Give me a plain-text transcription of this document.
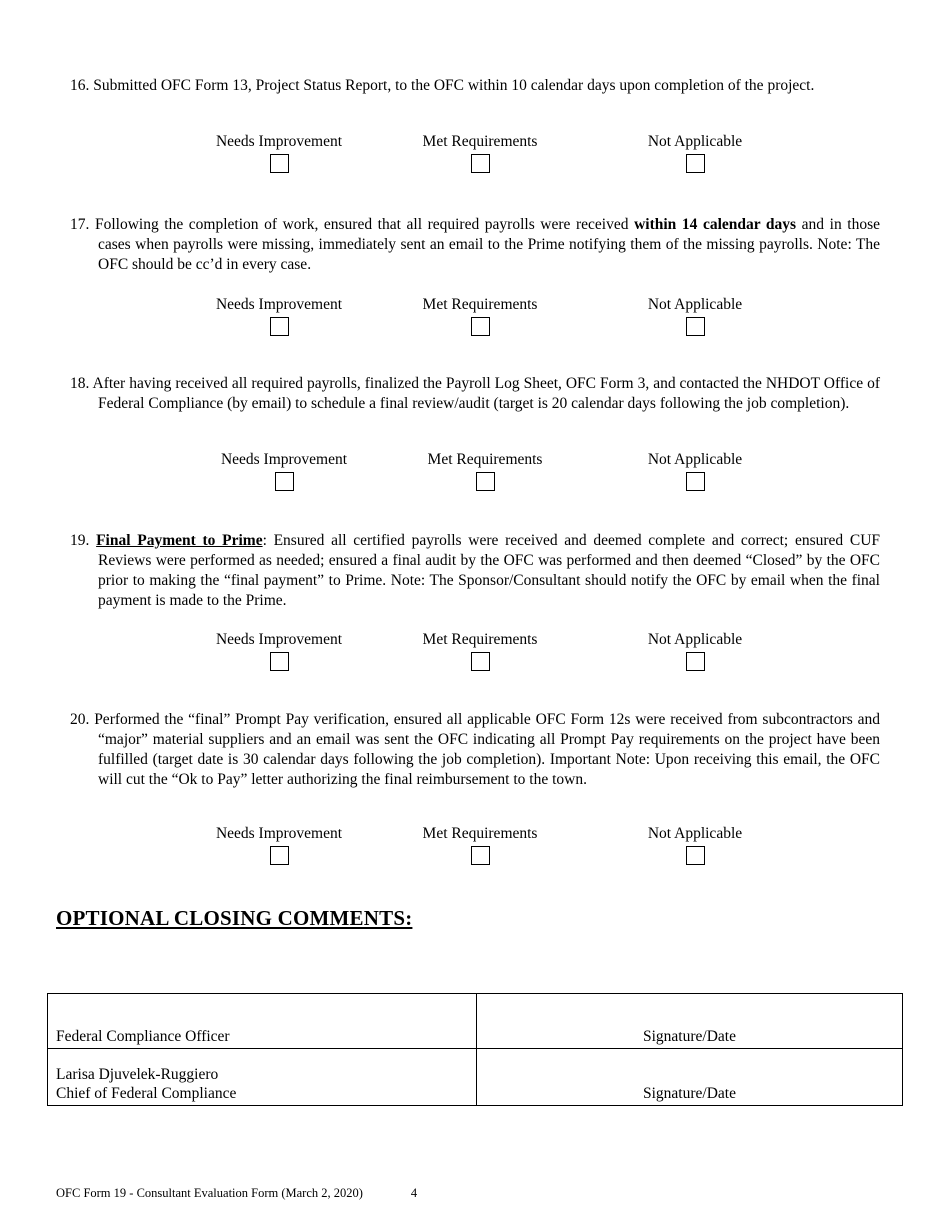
16. Submitted OFC Form 13, Project Status Report, to the OFC within 10 calendar days upon completion of the project.
Needs Improvement	Met Requirements	Not Applicable
17. Following the completion of work, ensured that all required payrolls were received within 14 calendar days and in those cases when payrolls were missing, immediately sent an email to the Prime notifying them of the missing payrolls. Note: The OFC should be cc’d in every case.
Needs Improvement	Met Requirements	Not Applicable
18. After having received all required payrolls, finalized the Payroll Log Sheet, OFC Form 3, and contacted the NHDOT Office of Federal Compliance (by email) to schedule a final review/audit (target is 20 calendar days following the job completion).
Needs Improvement	Met Requirements	Not Applicable
19. Final Payment to Prime: Ensured all certified payrolls were received and deemed complete and correct; ensured CUF Reviews were performed as needed; ensured a final audit by the OFC was performed and then deemed “Closed” by the OFC prior to making the “final payment” to Prime. Note: The Sponsor/Consultant should notify the OFC by email when the final payment is made to the Prime.
Needs Improvement	Met Requirements	Not Applicable
20. Performed the “final” Prompt Pay verification, ensured all applicable OFC Form 12s were received from subcontractors and “major” material suppliers and an email was sent the OFC indicating all Prompt Pay requirements on the project have been fulfilled (target date is 30 calendar days following the job completion). Important Note: Upon receiving this email, the OFC will cut the “Ok to Pay” letter authorizing the final reimbursement to the town.
Needs Improvement	Met Requirements	Not Applicable
OPTIONAL CLOSING COMMENTS:
Federal Compliance Officer	Signature/Date

Larisa Djuvelek-Ruggiero
Chief of Federal Compliance	Signature/Date
OFC Form 19 - Consultant Evaluation Form (March 2, 2020)	4
